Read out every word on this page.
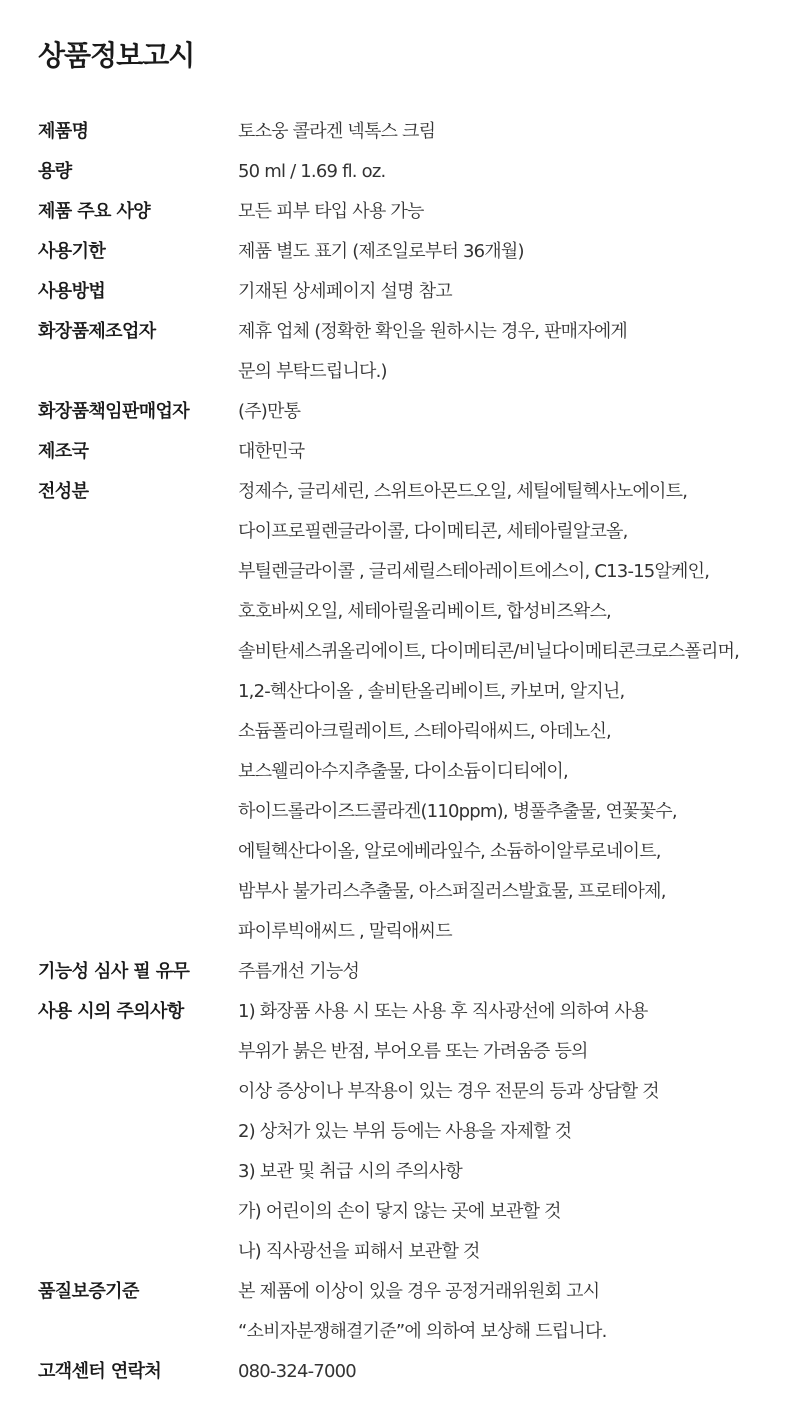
상품정보고시
제품명	토소웅 콜라겐 넥톡스 크림
용량	50 ml / 1.69 fl. oz.
제품 주요 사양	모든 피부 타입 사용 가능
사용기한	제품 별도 표기 (제조일로부터 36개월)
사용방법	기재된 상세페이지 설명 참고
화장품제조업자	제휴 업체 (정확한 확인을 원하시는 경우, 판매자에게
문의 부탁드립니다.)
화장품책임판매업자	(주)만통
제조국	대한민국
전성분	정제수, 글리세린, 스위트아몬드오일, 세틸에틸헥사노에이트,
다이프로필렌글라이콜, 다이메티콘, 세테아릴알코올,
부틸렌글라이콜 , 글리세릴스테아레이트에스이, C13-15알케인,
호호바씨오일, 세테아릴올리베이트, 합성비즈왁스,
솔비탄세스퀴올리에이트, 다이메티콘/비닐다이메티콘크로스폴리머,
1,2-헥산다이올 , 솔비탄올리베이트, 카보머, 알지닌,
소듐폴리아크릴레이트, 스테아릭애씨드, 아데노신,
보스웰리아수지추출물, 다이소듐이디티에이,
하이드롤라이즈드콜라겐(110ppm), 병풀추출물, 연꽃꽃수,
에틸헥산다이올, 알로에베라잎수, 소듐하이알루로네이트,
밤부사 불가리스추출물, 아스퍼질러스발효물, 프로테아제,
파이루빅애씨드 , 말릭애씨드
기능성 심사 필 유무	주름개선 기능성
사용 시의 주의사항	1) 화장품 사용 시 또는 사용 후 직사광선에 의하여 사용
부위가 붉은 반점, 부어오름 또는 가려움증 등의
이상 증상이나 부작용이 있는 경우 전문의 등과 상담할 것
2) 상처가 있는 부위 등에는 사용을 자제할 것
3) 보관 및 취급 시의 주의사항
가) 어린이의 손이 닿지 않는 곳에 보관할 것
나) 직사광선을 피해서 보관할 것
품질보증기준	본 제품에 이상이 있을 경우 공정거래위원회 고시
“소비자분쟁해결기준”에 의하여 보상해 드립니다.
고객센터 연락처	080-324-7000
